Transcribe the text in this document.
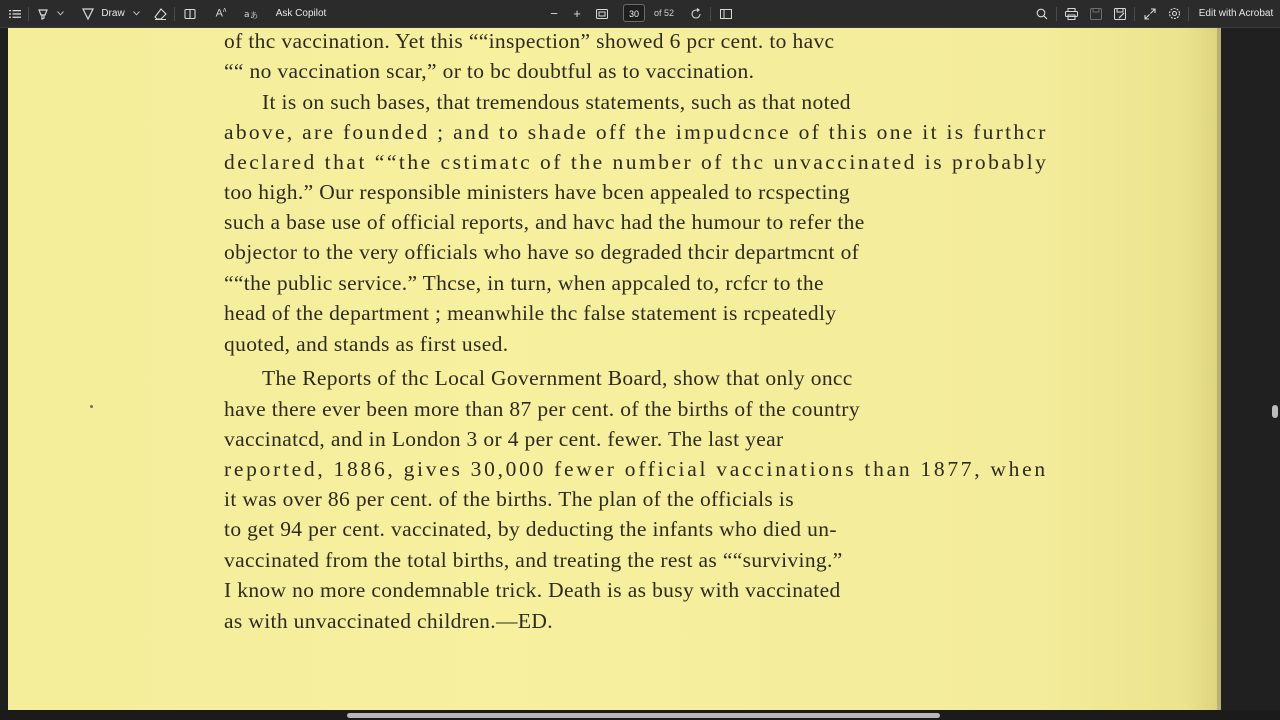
Draw	$A^ʌ$ a あ Ask Copilot	− +	30	of 52	Edit with Acrobat
of thc vaccination. Yet this ““inspection” showed 6 pcr cent. to havc
““ no vaccination scar,” or to bc doubtful as to vaccination.
It is on such bases, that tremendous statements, such as that noted
above, are founded ; and to shade off the impudcnce of this one it is furthcr
declared that ““the cstimatc of the number of thc unvaccinated is probably
too high.” Our responsible ministers have bcen appealed to rcspecting
such a base use of official reports, and havc had the humour to refer the
objector to the very officials who have so degraded thcir departmcnt of
““the public service.” Thcse, in turn, when appcaled to, rcfcr to the
head of the department ; meanwhile thc false statement is rcpeatedly
quoted, and stands as first used.
The Reports of thc Local Government Board, show that only oncc
have there ever been more than 87 per cent. of the births of the country
vaccinatcd, and in London 3 or 4 per cent. fewer. The last year
reported, 1886, gives 30,000 fewer official vaccinations than 1877, when
it was over 86 per cent. of the births. The plan of the officials is
to get 94 per cent. vaccinated, by deducting the infants who died un-
vaccinated from the total births, and treating the rest as ““surviving.”
I know no more condemnable trick. Death is as busy with vaccinated
as with unvaccinated children.—ED.
